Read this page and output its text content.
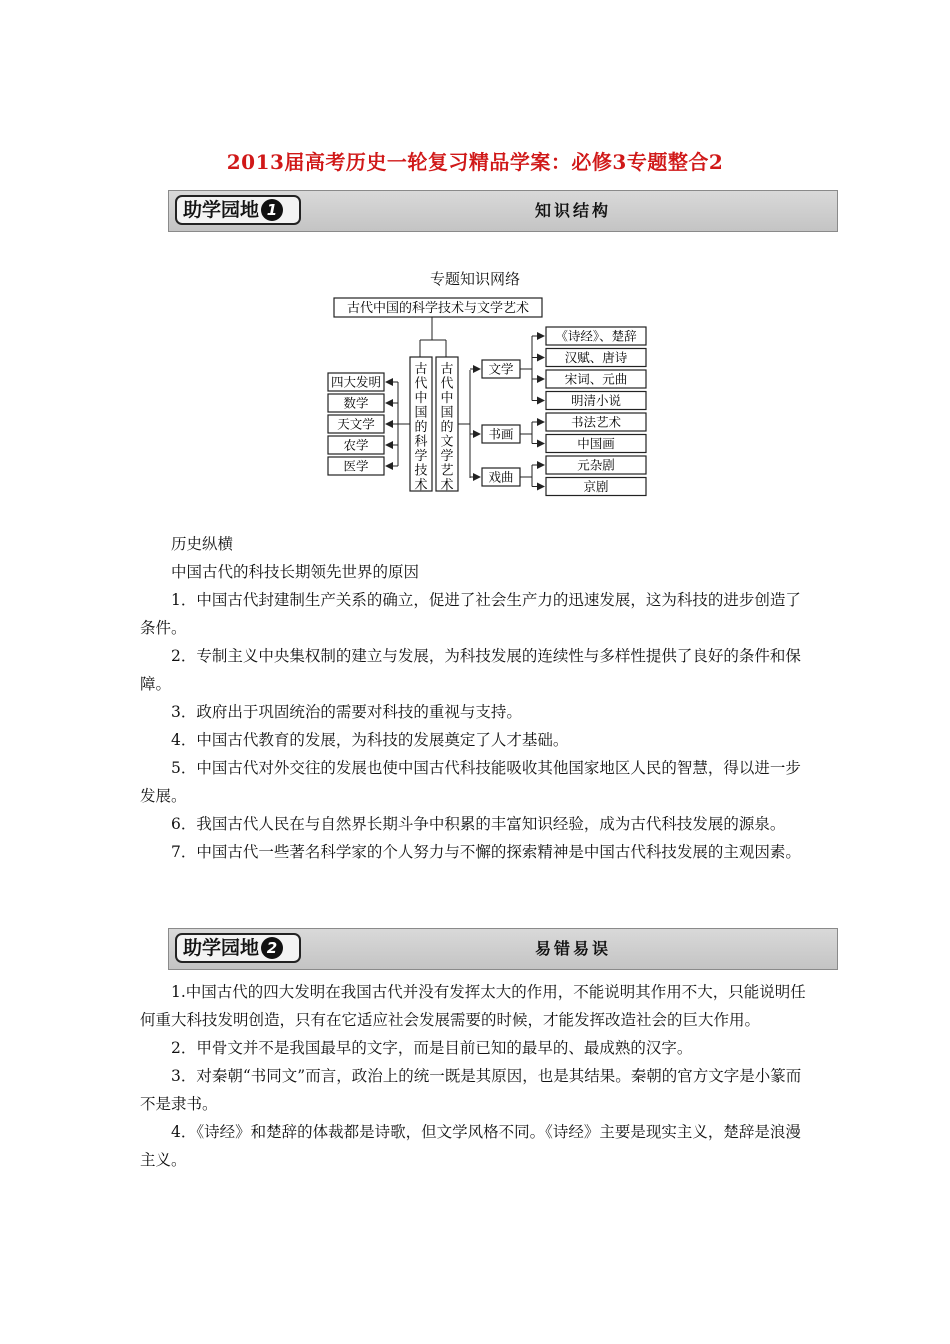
2013届高考历史一轮复习精品学案：必修3专题整合2
助学园地 1	知识结构
专题知识网络
古代中国的科学技术与文学艺术
古代中国的科学技术
古代中国的文学艺术
四大发明
数学
天文学
农学
医学
文学
《诗经》、楚辞
汉赋、唐诗
宋词、元曲
明清小说
书画
书法艺术
中国画
戏曲
元杂剧
京剧

历史纵横

中国古代的科技长期领先世界的原因

1．中国古代封建制生产关系的确立，促进了社会生产力的迅速发展，这为科技的进步创造了条件。

2．专制主义中央集权制的建立与发展，为科技发展的连续性与多样性提供了良好的条件和保障。

3．政府出于巩固统治的需要对科技的重视与支持。

4．中国古代教育的发展，为科技的发展奠定了人才基础。

5．中国古代对外交往的发展也使中国古代科技能吸收其他国家地区人民的智慧，得以进一步发展。

6．我国古代人民在与自然界长期斗争中积累的丰富知识经验，成为古代科技发展的源泉。

7．中国古代一些著名科学家的个人努力与不懈的探索精神是中国古代科技发展的主观因素。

助学园地 2	易错易误

1.中国古代的四大发明在我国古代并没有发挥太大的作用，不能说明其作用不大，只能说明任何重大科技发明创造，只有在它适应社会发展需要的时候，才能发挥改造社会的巨大作用。

2．甲骨文并不是我国最早的文字，而是目前已知的最早的、最成熟的汉字。

3．对秦朝“书同文”而言，政治上的统一既是其原因，也是其结果。秦朝的官方文字是小篆而不是隶书。

4．《诗经》和楚辞的体裁都是诗歌，但文学风格不同。《诗经》主要是现实主义，楚辞是浪漫主义。
